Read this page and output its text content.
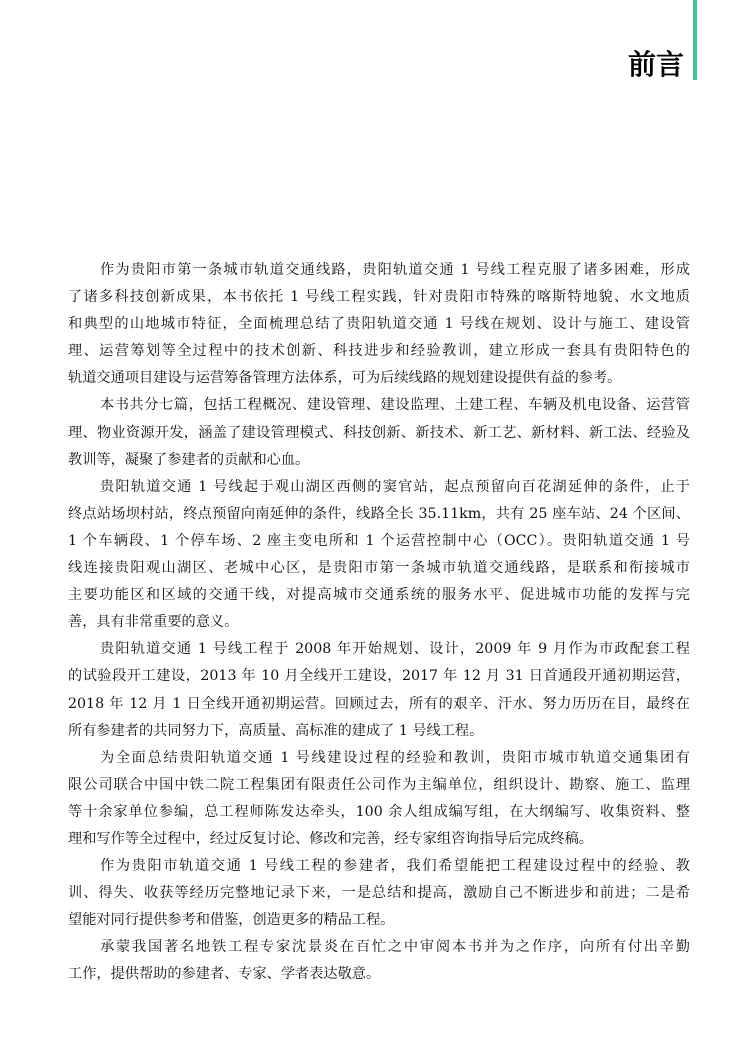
前言
作为贵阳市第一条城市轨道交通线路，贵阳轨道交通 1 号线工程克服了诸多困难，形成
了诸多科技创新成果，本书依托 1 号线工程实践，针对贵阳市特殊的喀斯特地貌、水文地质
和典型的山地城市特征，全面梳理总结了贵阳轨道交通 1 号线在规划、设计与施工、建设管
理、运营筹划等全过程中的技术创新、科技进步和经验教训，建立形成一套具有贵阳特色的
轨道交通项目建设与运营筹备管理方法体系，可为后续线路的规划建设提供有益的参考。
本书共分七篇，包括工程概况、建设管理、建设监理、土建工程、车辆及机电设备、运营管
理、物业资源开发，涵盖了建设管理模式、科技创新、新技术、新工艺、新材料、新工法、经验及
教训等，凝聚了参建者的贡献和心血。
贵阳轨道交通 1 号线起于观山湖区西侧的窦官站，起点预留向百花湖延伸的条件，止于
终点站场坝村站，终点预留向南延伸的条件，线路全长 35.11km，共有 25 座车站、24 个区间、
1 个车辆段、1 个停车场、2 座主变电所和 1 个运营控制中心（OCC）。贵阳轨道交通 1 号
线连接贵阳观山湖区、老城中心区，是贵阳市第一条城市轨道交通线路，是联系和衔接城市
主要功能区和区域的交通干线，对提高城市交通系统的服务水平、促进城市功能的发挥与完
善，具有非常重要的意义。
贵阳轨道交通 1 号线工程于 2008 年开始规划、设计，2009 年 9 月作为市政配套工程
的试验段开工建设，2013 年 10 月全线开工建设，2017 年 12 月 31 日首通段开通初期运营，
2018 年 12 月 1 日全线开通初期运营。回顾过去，所有的艰辛、汗水、努力历历在目，最终在
所有参建者的共同努力下，高质量、高标准的建成了 1 号线工程。
为全面总结贵阳轨道交通 1 号线建设过程的经验和教训，贵阳市城市轨道交通集团有
限公司联合中国中铁二院工程集团有限责任公司作为主编单位，组织设计、勘察、施工、监理
等十余家单位参编，总工程师陈发达牵头，100 余人组成编写组，在大纲编写、收集资料、整
理和写作等全过程中，经过反复讨论、修改和完善，经专家组咨询指导后完成终稿。
作为贵阳市轨道交通 1 号线工程的参建者，我们希望能把工程建设过程中的经验、教
训、得失、收获等经历完整地记录下来，一是总结和提高，激励自己不断进步和前进；二是希
望能对同行提供参考和借鉴，创造更多的精品工程。
承蒙我国著名地铁工程专家沈景炎在百忙之中审阅本书并为之作序，向所有付出辛勤
工作，提供帮助的参建者、专家、学者表达敬意。
